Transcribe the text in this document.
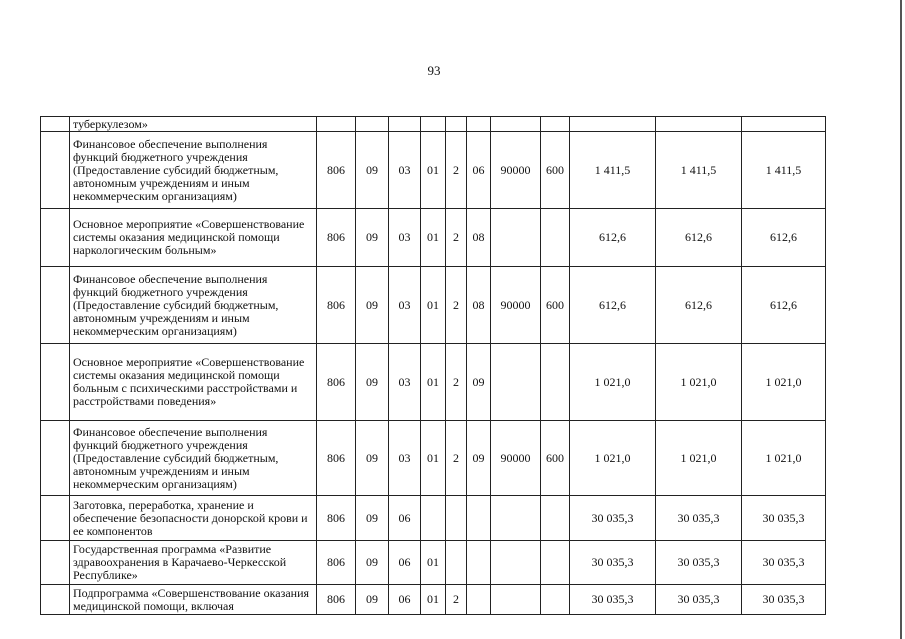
93
	туберкулезом»											
	Финансовое обеспечение выполнения функций бюджетного учреждения (Предоставление субсидий бюджетным, автономным учреждениям и иным некоммерческим организациям)	806	09	03	01	2	06	90000	600	1 411,5	1 411,5	1 411,5
	Основное мероприятие «Совершенствование системы оказания медицинской помощи наркологическим больным»	806	09	03	01	2	08			612,6	612,6	612,6
	Финансовое обеспечение выполнения функций бюджетного учреждения (Предоставление субсидий бюджетным, автономным учреждениям и иным некоммерческим организациям)	806	09	03	01	2	08	90000	600	612,6	612,6	612,6
	Основное мероприятие «Совершенствование системы оказания медицинской помощи больным с психическими расстройствами и расстройствами поведения»	806	09	03	01	2	09			1 021,0	1 021,0	1 021,0
	Финансовое обеспечение выполнения функций бюджетного учреждения (Предоставление субсидий бюджетным, автономным учреждениям и иным некоммерческим организациям)	806	09	03	01	2	09	90000	600	1 021,0	1 021,0	1 021,0
	Заготовка, переработка, хранение и обеспечение безопасности донорской крови и ее компонентов	806	09	06						30 035,3	30 035,3	30 035,3
	Государственная программа «Развитие здравоохранения в Карачаево-Черкесской Республике»	806	09	06	01					30 035,3	30 035,3	30 035,3
	Подпрограмма «Совершенствование оказания медицинской помощи, включая	806	09	06	01	2				30 035,3	30 035,3	30 035,3
